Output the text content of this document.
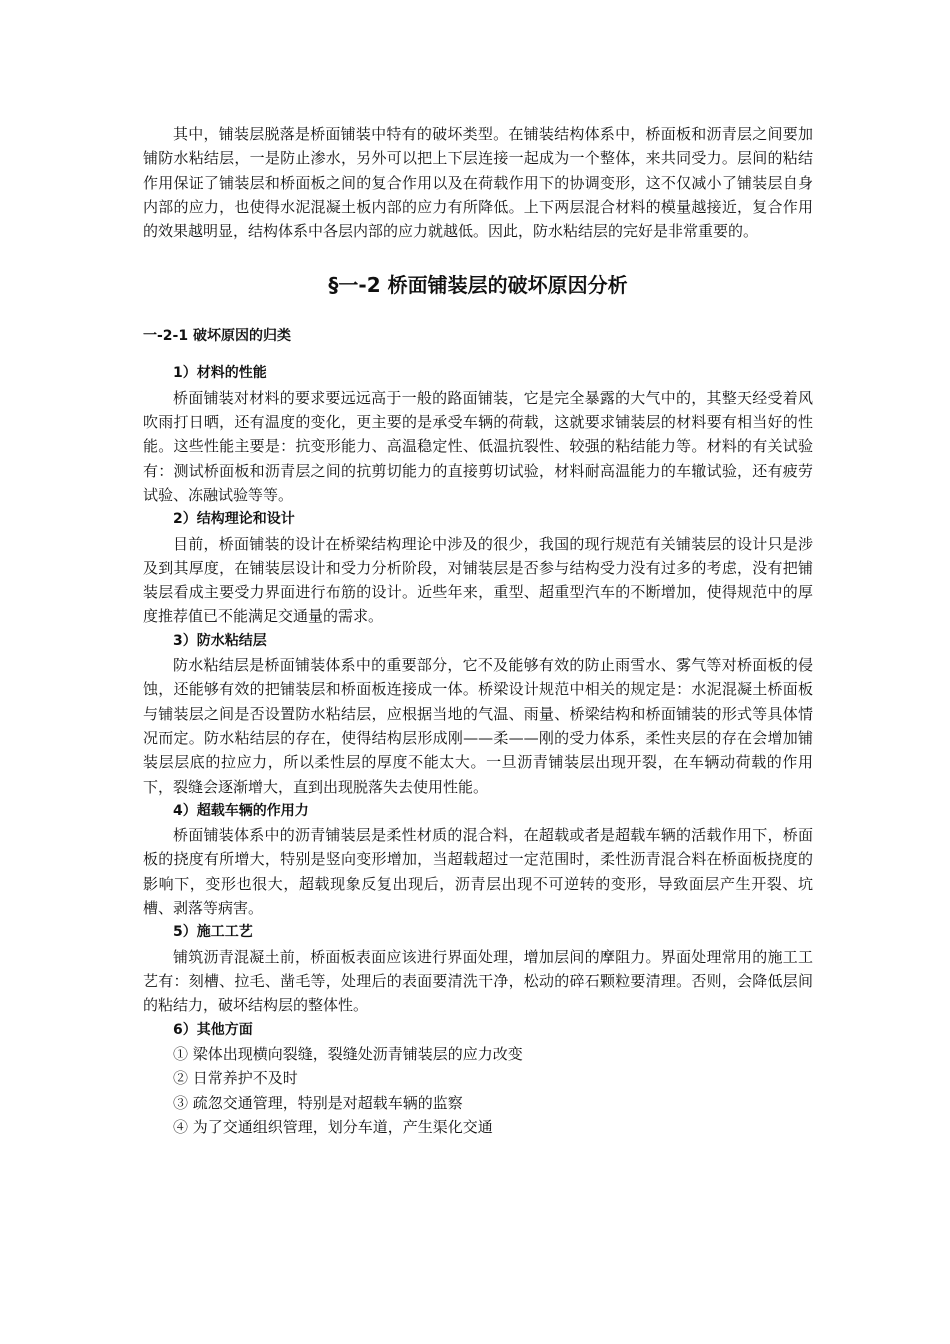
其中，铺装层脱落是桥面铺装中特有的破坏类型。在铺装结构体系中，桥面板和沥青层之间要加铺防水粘结层，一是防止渗水，另外可以把上下层连接一起成为一个整体，来共同受力。层间的粘结作用保证了铺装层和桥面板之间的复合作用以及在荷载作用下的协调变形，这不仅减小了铺装层自身内部的应力，也使得水泥混凝土板内部的应力有所降低。上下两层混合材料的模量越接近，复合作用的效果越明显，结构体系中各层内部的应力就越低。因此，防水粘结层的完好是非常重要的。

§一-2 桥面铺装层的破坏原因分析
一-2-1 破坏原因的归类
1）材料的性能

桥面铺装对材料的要求要远远高于一般的路面铺装，它是完全暴露的大气中的，其整天经受着风吹雨打日晒，还有温度的变化，更主要的是承受车辆的荷载，这就要求铺装层的材料要有相当好的性能。这些性能主要是：抗变形能力、高温稳定性、低温抗裂性、较强的粘结能力等。材料的有关试验有：测试桥面板和沥青层之间的抗剪切能力的直接剪切试验，材料耐高温能力的车辙试验，还有疲劳试验、冻融试验等等。

2）结构理论和设计

目前，桥面铺装的设计在桥梁结构理论中涉及的很少，我国的现行规范有关铺装层的设计只是涉及到其厚度，在铺装层设计和受力分析阶段，对铺装层是否参与结构受力没有过多的考虑，没有把铺装层看成主要受力界面进行布筋的设计。近些年来，重型、超重型汽车的不断增加，使得规范中的厚度推荐值已不能满足交通量的需求。

3）防水粘结层

防水粘结层是桥面铺装体系中的重要部分，它不及能够有效的防止雨雪水、雾气等对桥面板的侵蚀，还能够有效的把铺装层和桥面板连接成一体。桥梁设计规范中相关的规定是：水泥混凝土桥面板与铺装层之间是否设置防水粘结层，应根据当地的气温、雨量、桥梁结构和桥面铺装的形式等具体情况而定。防水粘结层的存在，使得结构层形成刚——柔——刚的受力体系，柔性夹层的存在会增加铺装层层底的拉应力，所以柔性层的厚度不能太大。一旦沥青铺装层出现开裂，在车辆动荷载的作用下，裂缝会逐渐增大，直到出现脱落失去使用性能。

4）超载车辆的作用力

桥面铺装体系中的沥青铺装层是柔性材质的混合料，在超载或者是超载车辆的活载作用下，桥面板的挠度有所增大，特别是竖向变形增加，当超载超过一定范围时，柔性沥青混合料在桥面板挠度的影响下，变形也很大，超载现象反复出现后，沥青层出现不可逆转的变形，导致面层产生开裂、坑槽、剥落等病害。

5）施工工艺

铺筑沥青混凝土前，桥面板表面应该进行界面处理，增加层间的摩阻力。界面处理常用的施工工艺有：刻槽、拉毛、凿毛等，处理后的表面要清洗干净，松动的碎石颗粒要清理。否则，会降低层间的粘结力，破坏结构层的整体性。

6）其他方面
① 梁体出现横向裂缝，裂缝处沥青铺装层的应力改变
② 日常养护不及时
③ 疏忽交通管理，特别是对超载车辆的监察
④ 为了交通组织管理，划分车道，产生渠化交通
